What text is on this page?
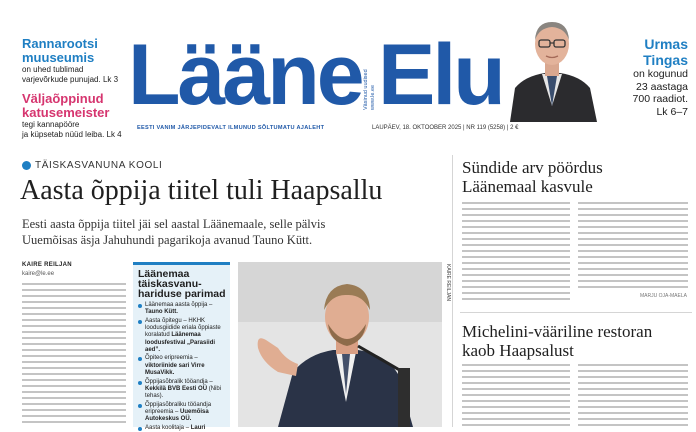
Rannarootsi
muuseumis
on uhed tublimad
varjevõrkude punujad. Lk 3
Väljaõppinud
katusemeister
tegi kannapööre
ja küpsetab nüüd leiba. Lk 4
Lääne Elu
Väsinud uudised www.le.ee
EESTI VANIM JÄRJEPIDEVALT ILMUNUD SÕLTUMATU AJALEHT	LAUPÄEV, 18. OKTOOBER 2025 | NR 119 (5258) | 2 €
Urmas
Tingas
on kogunud
23 aastaga
700 raadiot.
Lk 6–7
TÄISKASVANUNA KOOLI
Aasta õppija tiitel tuli Haapsallu
Eesti aasta õppija tiitel jäi sel aastal Läänemaale, selle pälvis
Uuemõisas äsja Jahuhundi pagarikoja avanud Tauno Kütt.
KAIRE REILJAN
kaire@le.ee	Läänemaa
täiskasvanu-
hariduse parimad
Läänemaa aasta õppija –
Tauno Kütt.
Aasta õpitegu – HKHK loodusgiidide eriala õppiaste koralatud Läänemaa loodusfestival „Parasiidi aed”.
Õpiteo eripreemia – viktoriinide sari Virre MusaVikk.
Õppijasõbralik tööandja – Kekkilä BVB Eesti OÜ (Nibi tehas).
Õppijasõbraliku tööandja eripreemia – Uuemõisa Autokeskus OÜ.
Aasta koolitaja – Lauri
KAIRE REILJAN
Sündide arv pöördus
Läänemaal kasvule
MARJU OJA-MAELA
Michelini-vääriline restoran
kaob Haapsalust
